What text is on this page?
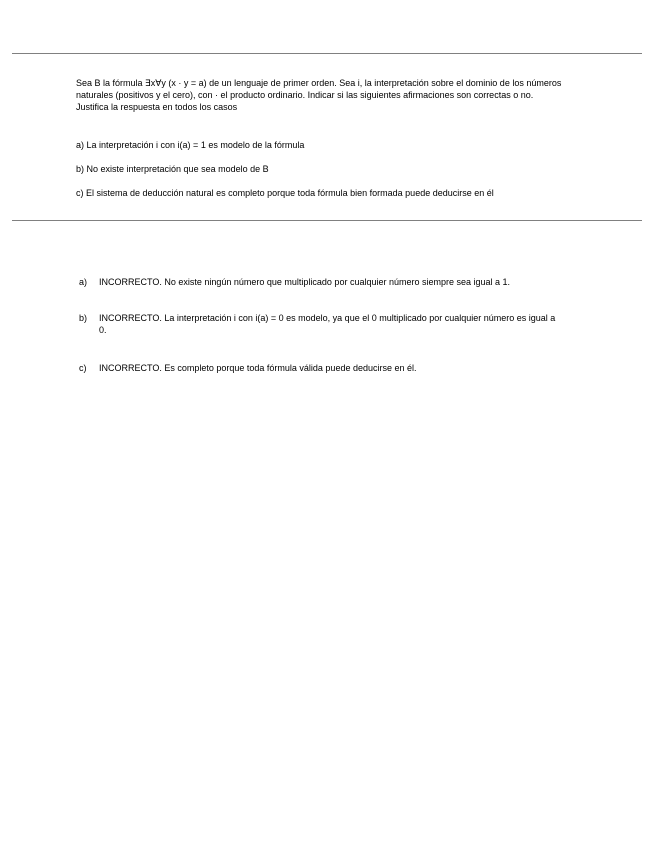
Sea B la fórmula ∃x∀y (x · y = a) de un lenguaje de primer orden. Sea i, la interpretación sobre el dominio de los números naturales (positivos y el cero), con · el producto ordinario. Indicar si las siguientes afirmaciones son correctas o no. Justifica la respuesta en todos los casos

a) La interpretación i con i(a) = 1 es modelo de la fórmula
b) No existe interpretación que sea modelo de B
c) El sistema de deducción natural es completo porque toda fórmula bien formada puede deducirse en él
a)	INCORRECTO. No existe ningún número que multiplicado por cualquier número siempre sea igual a 1.
b)	INCORRECTO. La interpretación i con i(a) = 0 es modelo, ya que el 0 multiplicado por cualquier número es igual a 0.
c)	INCORRECTO. Es completo porque toda fórmula válida puede deducirse en él.
